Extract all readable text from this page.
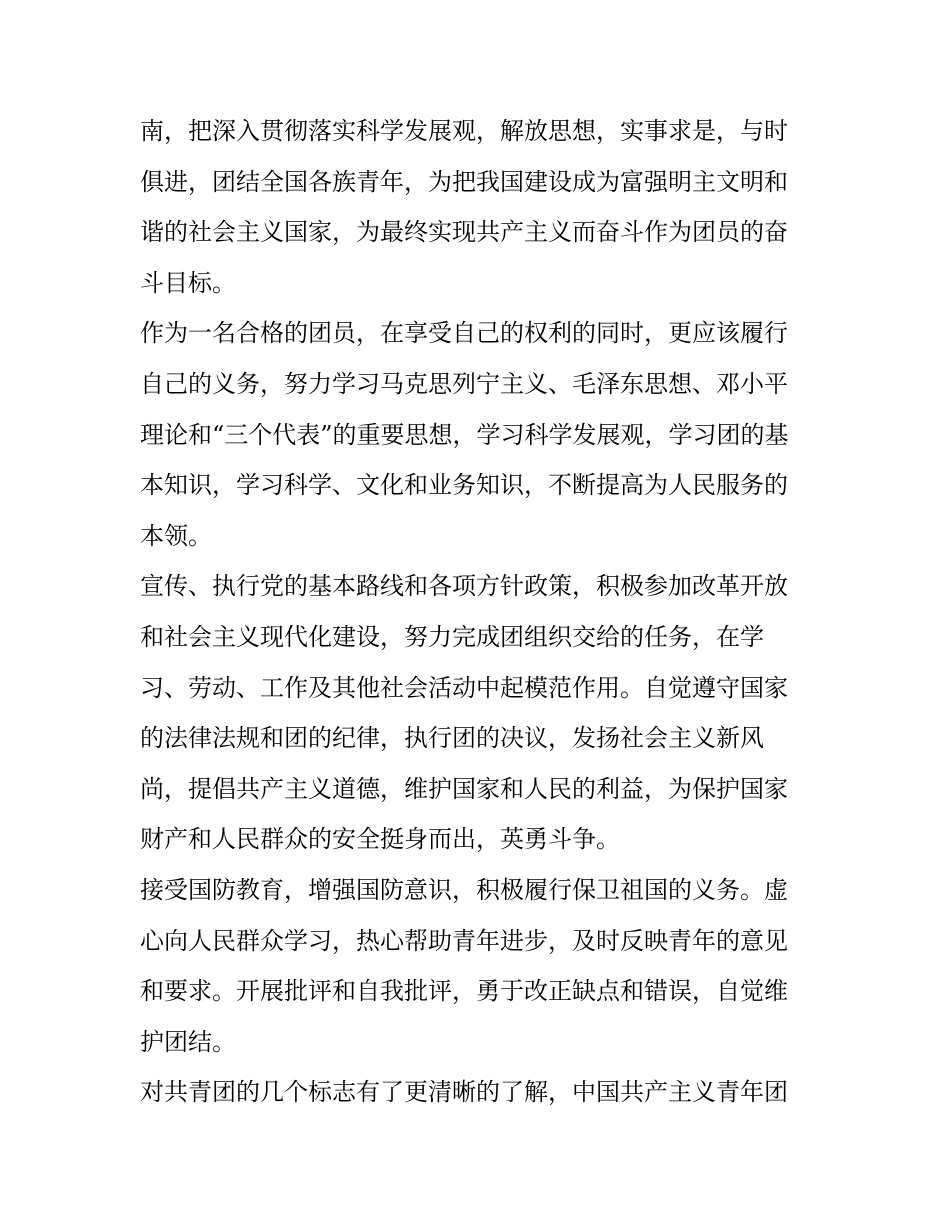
南，把深入贯彻落实科学发展观，解放思想，实事求是，与时
俱进，团结全国各族青年，为把我国建设成为富强明主文明和
谐的社会主义国家，为最终实现共产主义而奋斗作为团员的奋
斗目标。
作为一名合格的团员，在享受自己的权利的同时，更应该履行
自己的义务，努力学习马克思列宁主义、毛泽东思想、邓小平
理论和“三个代表”的重要思想，学习科学发展观，学习团的基
本知识，学习科学、文化和业务知识，不断提高为人民服务的
本领。
宣传、执行党的基本路线和各项方针政策，积极参加改革开放
和社会主义现代化建设，努力完成团组织交给的任务，在学
习、劳动、工作及其他社会活动中起模范作用。自觉遵守国家
的法律法规和团的纪律，执行团的决议，发扬社会主义新风
尚，提倡共产主义道德，维护国家和人民的利益，为保护国家
财产和人民群众的安全挺身而出，英勇斗争。
接受国防教育，增强国防意识，积极履行保卫祖国的义务。虚
心向人民群众学习，热心帮助青年进步，及时反映青年的意见
和要求。开展批评和自我批评，勇于改正缺点和错误，自觉维
护团结。
对共青团的几个标志有了更清晰的了解，中国共产主义青年团
